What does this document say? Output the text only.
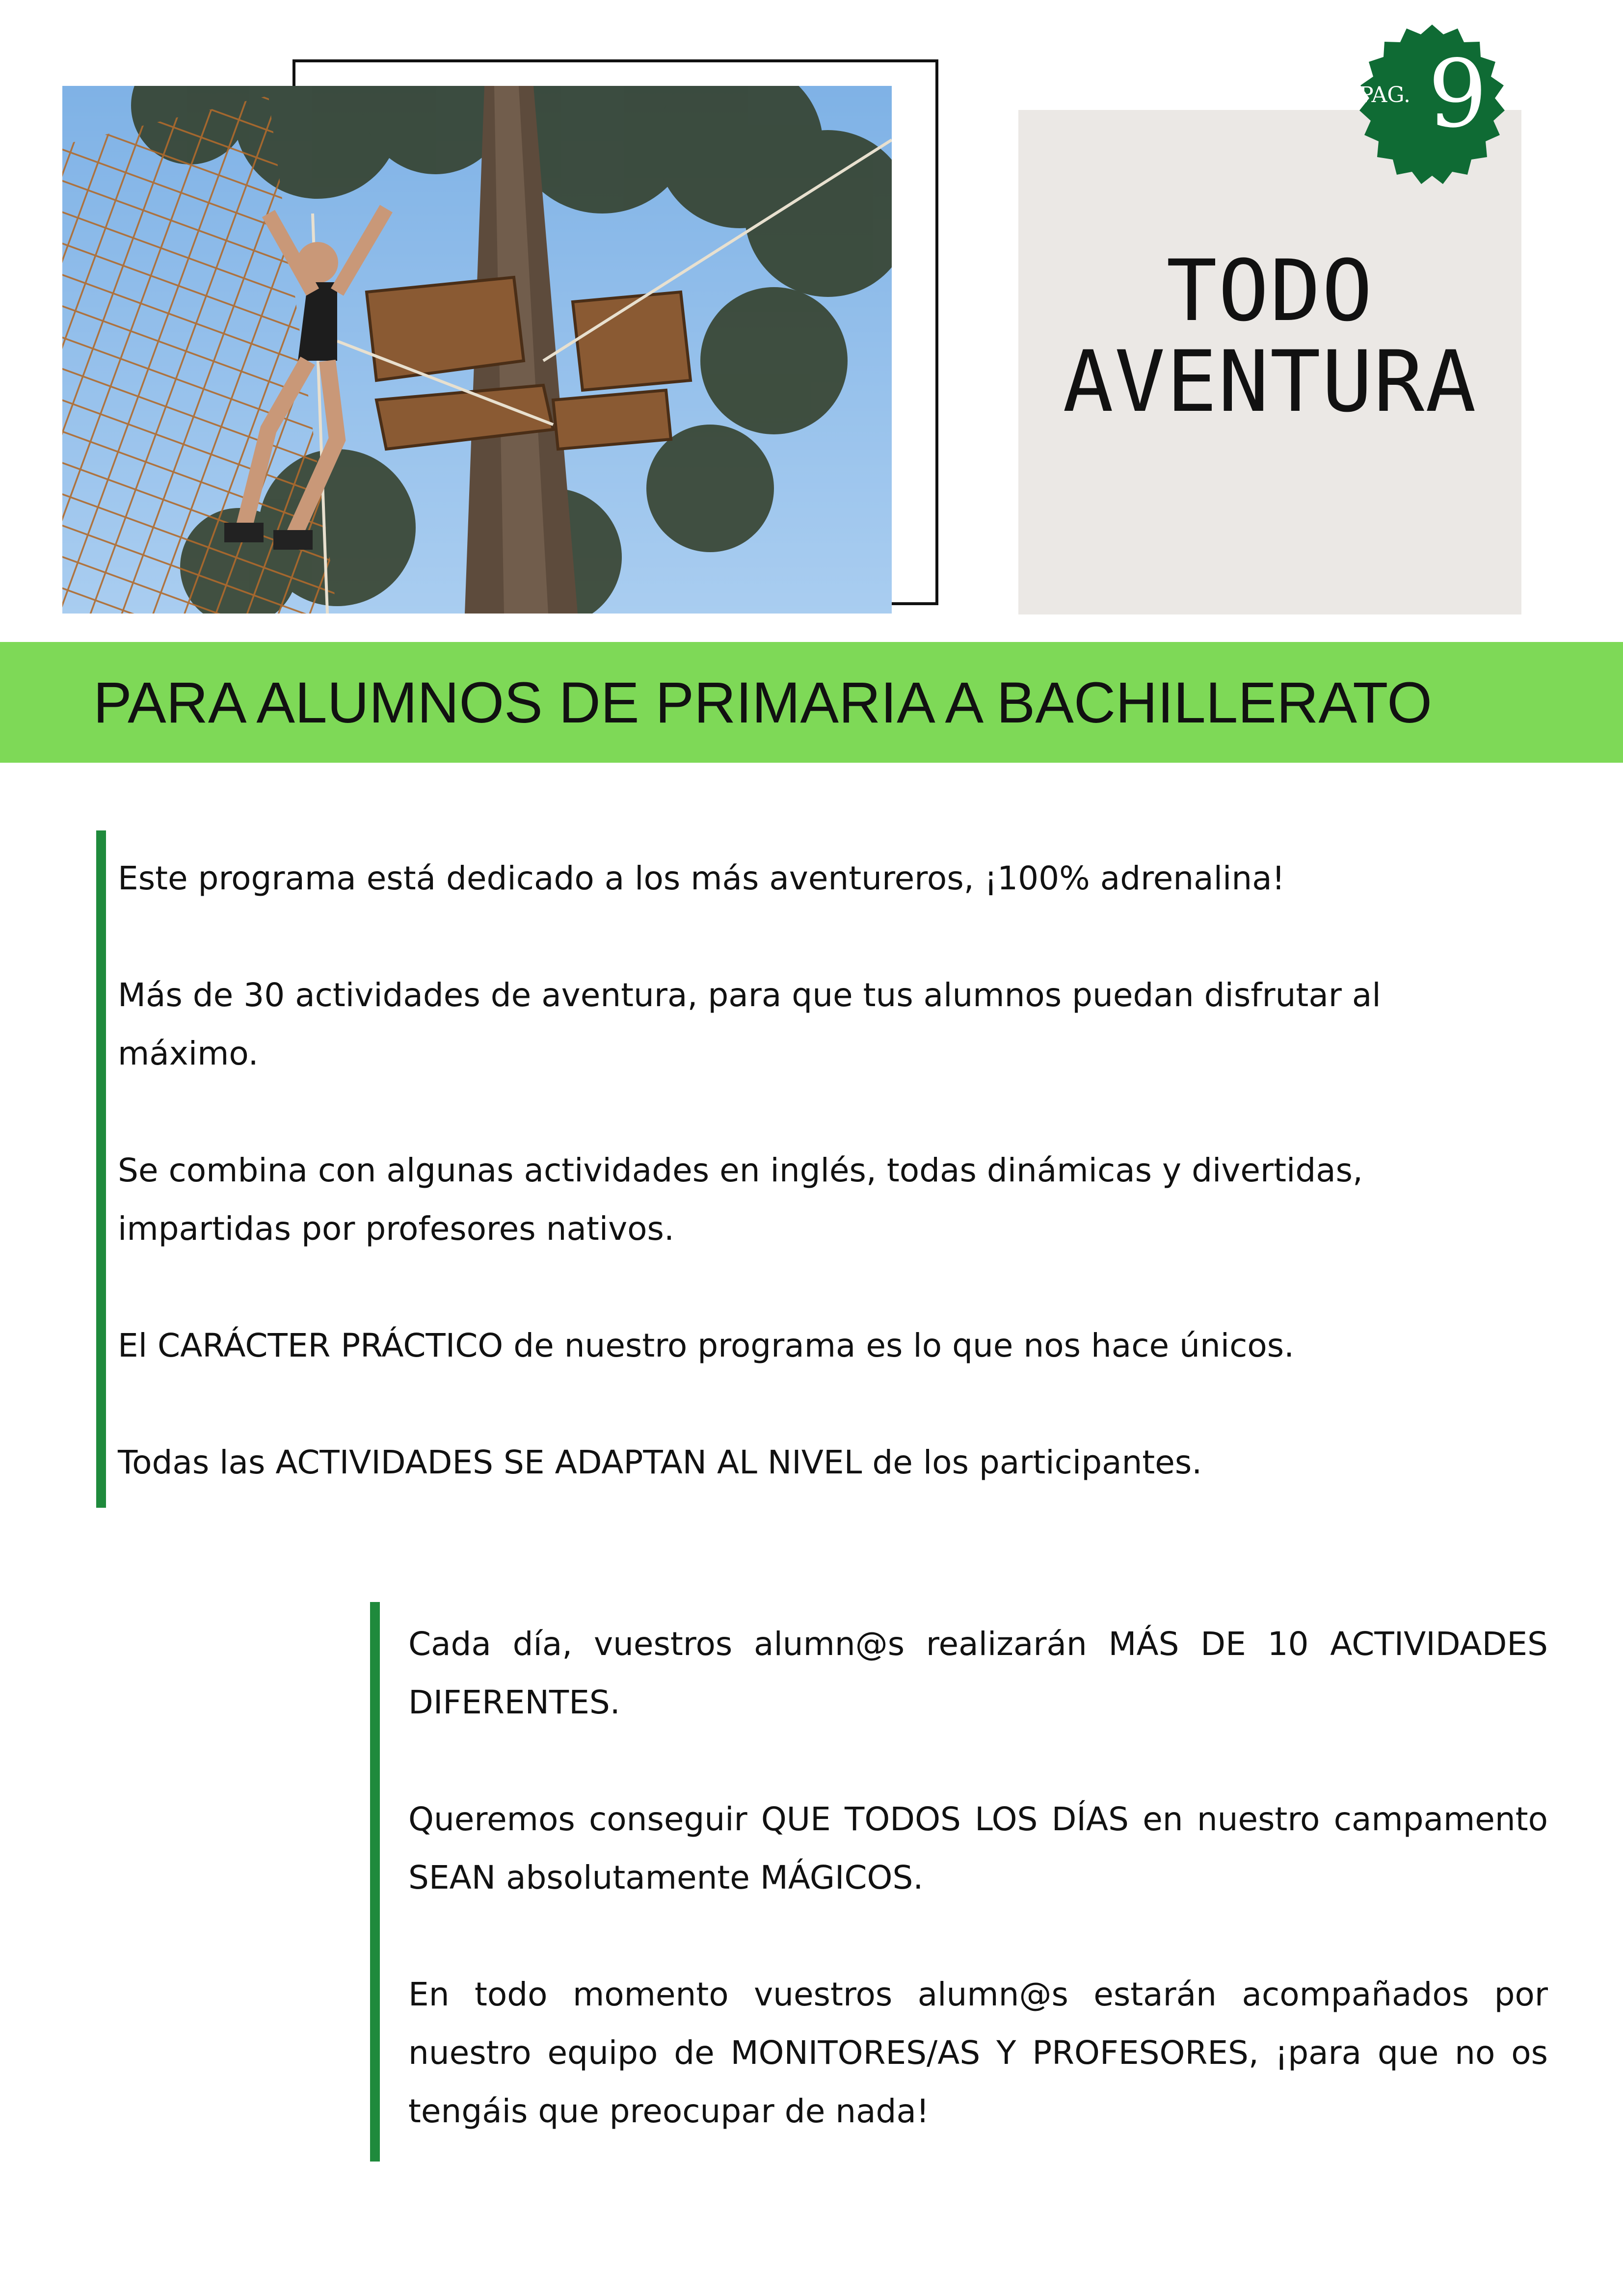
TODO
AVENTURA
PAG. 9
PARA ALUMNOS DE PRIMARIA A BACHILLERATO

Este programa está dedicado a los más aventureros, ¡100% adrenalina!

Más de 30 actividades de aventura, para que tus alumnos puedan disfrutar al máximo.

Se combina con algunas actividades en inglés, todas dinámicas y divertidas, impartidas por profesores nativos.

El CARÁCTER PRÁCTICO de nuestro programa es lo que nos hace únicos.

Todas las ACTIVIDADES SE ADAPTAN AL NIVEL de los participantes.

Cada día, vuestros alumn@s realizarán MÁS DE 10 ACTIVIDADES DIFERENTES.

Queremos conseguir QUE TODOS LOS DÍAS en nuestro campamento SEAN absolutamente MÁGICOS.

En todo momento vuestros alumn@s estarán acompañados por nuestro equipo de MONITORES/AS Y PROFESORES, ¡para que no os tengáis que preocupar de nada!
